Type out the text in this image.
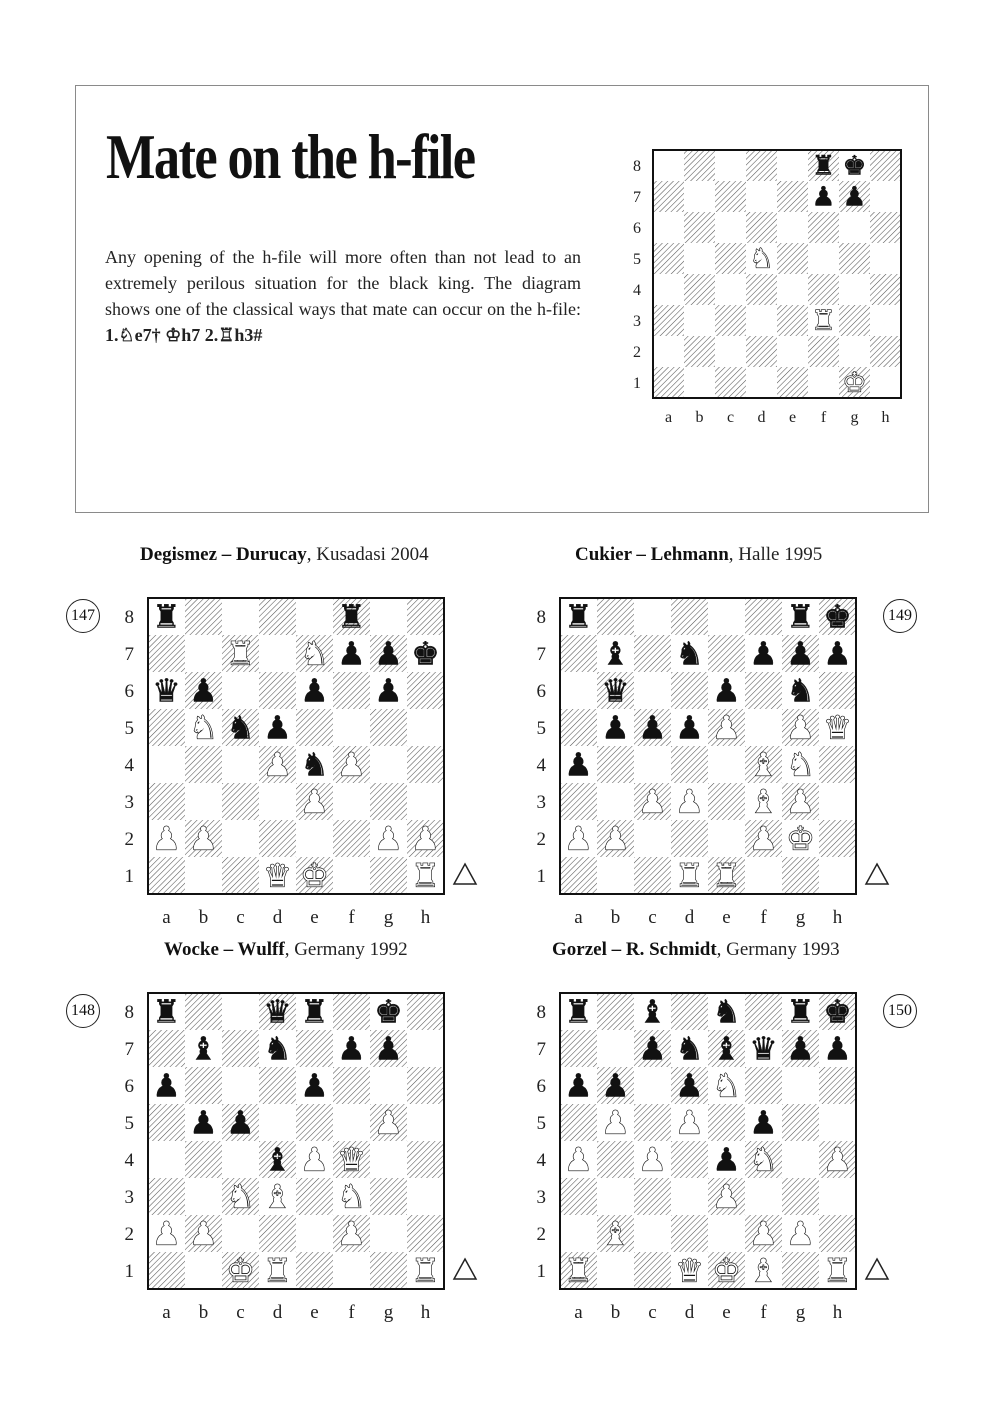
Mate on the h-file

Any opening of the h-file will more often than not lead to an extremely perilous situation for the black king. The diagram shows one of the classical ways that mate can occur on the h-file: 1.♘e7† ♔h7 2.♖h3#

8
7
6
5
4
3
2
1
a b c d e f g h
♜ ♚
♟ ♟
♞
♜
♚
Degismez – Durucay, Kusadasi 2004
147 8
7
6
5
4
3
2
1
a b c d e f g h
♜	♜
♜ ♞ ♟ ♟ ♚
♛ ♟	♟ ♟
♞ ♞ ♟
♟ ♞ ♟
♟
♟ ♟	♟ ♟
♛ ♚	♜
Cukier – Lehmann, Halle 1995
149
8
7
6
5
4
3
2
1
a b c d e f g h
♜	♜ ♚
♝ ♞ ♟ ♟ ♟
♛	♟ ♞
♟ ♟ ♟ ♟ ♟ ♛
♟	♝ ♞
♟ ♟ ♝ ♟
♟ ♟	♟ ♚
♜ ♜
Wocke – Wulff, Germany 1992
148 8
7
6
5
4
3
2
1
a b c d e f g h
♜	♛ ♜ ♚
♝ ♞ ♟ ♟
♟	♟
♟ ♟	♟
♝ ♟ ♛
♞ ♝ ♞
♟ ♟	♟
♚ ♜	♜
Gorzel – R. Schmidt, Germany 1993
150
8
7
6
5
4
3
2
1
a b c d e f g h
♜ ♝ ♞ ♜ ♚
♟ ♞ ♝ ♛ ♟ ♟
♟ ♟ ♟ ♞
♟ ♟ ♟
♟ ♟ ♟ ♞ ♟
♟
♝	♟ ♟
♜	♛ ♚ ♝ ♜
